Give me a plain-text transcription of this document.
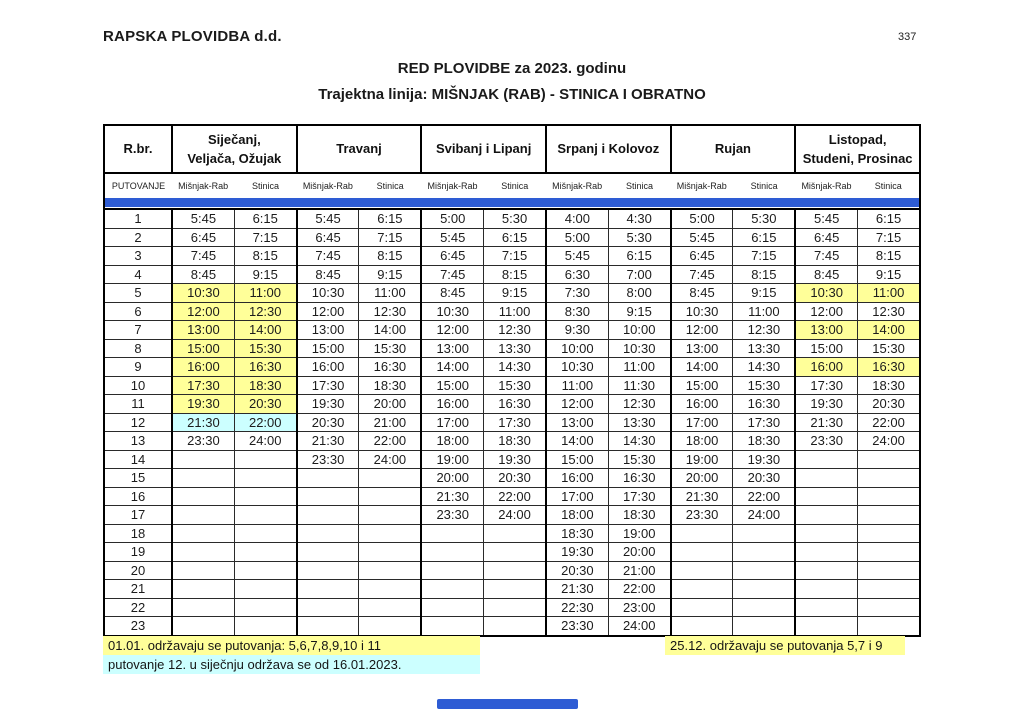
RAPSKA PLOVIDBA d.d.	337
RED PLOVIDBE za 2023. godinu
Trajektna linija: MIŠNJAK (RAB) - STINICA I OBRATNO
R.br.	
Siječanj,
Veljača, Ožujak

Travanj	Svibanj i Lipanj	Srpanj i Kolovoz	Rujan

Listopad,
Studeni, Prosinac

PUTOVANJE	Mišnjak-Rab	Stinica	Mišnjak-Rab	Stinica	Mišnjak-Rab	Stinica	Mišnjak-Rab	Stinica	Mišnjak-Rab	Stinica	Mišnjak-Rab	Stinica

1	5:45	6:15	5:45	6:15	5:00	5:30	4:00	4:30	5:00	5:30	5:45	6:15
2	6:45	7:15	6:45	7:15	5:45	6:15	5:00	5:30	5:45	6:15	6:45	7:15
3	7:45	8:15	7:45	8:15	6:45	7:15	5:45	6:15	6:45	7:15	7:45	8:15
4	8:45	9:15	8:45	9:15	7:45	8:15	6:30	7:00	7:45	8:15	8:45	9:15
5	10:30	11:00	10:30	11:00	8:45	9:15	7:30	8:00	8:45	9:15	10:30	11:00
6	12:00	12:30	12:00	12:30	10:30	11:00	8:30	9:15	10:30	11:00	12:00	12:30
7	13:00	14:00	13:00	14:00	12:00	12:30	9:30	10:00	12:00	12:30	13:00	14:00
8	15:00	15:30	15:00	15:30	13:00	13:30	10:00	10:30	13:00	13:30	15:00	15:30
9	16:00	16:30	16:00	16:30	14:00	14:30	10:30	11:00	14:00	14:30	16:00	16:30
10	17:30	18:30	17:30	18:30	15:00	15:30	11:00	11:30	15:00	15:30	17:30	18:30
11	19:30	20:30	19:30	20:00	16:00	16:30	12:00	12:30	16:00	16:30	19:30	20:30
12	21:30	22:00	20:30	21:00	17:00	17:30	13:00	13:30	17:00	17:30	21:30	22:00
13	23:30	24:00	21:30	22:00	18:00	18:30	14:00	14:30	18:00	18:30	23:30	24:00
14			23:30	24:00	19:00	19:30	15:00	15:30	19:00	19:30		
15					20:00	20:30	16:00	16:30	20:00	20:30		
16					21:30	22:00	17:00	17:30	21:30	22:00		
17					23:30	24:00	18:00	18:30	23:30	24:00		
18							18:30	19:00				
19							19:30	20:00				
20							20:30	21:00				
21							21:30	22:00				
22							22:30	23:00				
23							23:30	24:00				
01.01. održavaju se putovanja: 5,6,7,8,9,10 i 11
putovanje 12. u siječnju održava se od 16.01.2023.
25.12. održavaju se putovanja 5,7 i 9
